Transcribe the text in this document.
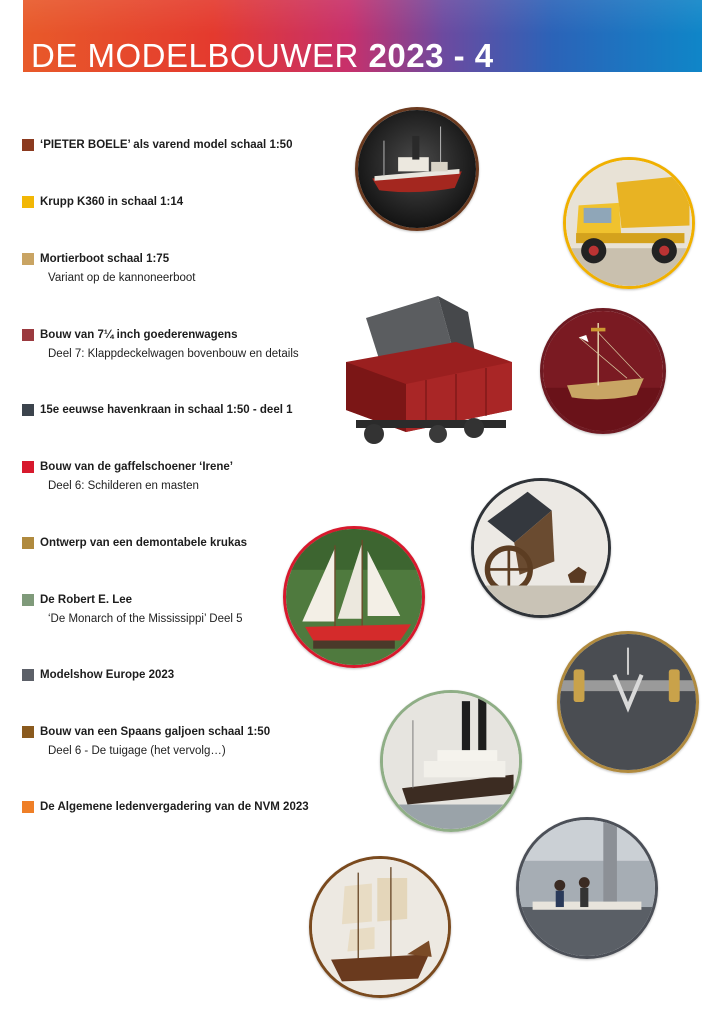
DE MODELBOUWER 2023 - 4
‘PIETER BOELE’ als varend model schaal 1:50
Krupp K360 in schaal 1:14
Mortierboot schaal 1:75
Variant op de kannoneerboot
Bouw van 7¼ inch goederenwagens
Deel 7: Klappdeckelwagen bovenbouw en details
15e eeuwse havenkraan in schaal 1:50 - deel 1
Bouw van de gaffelschoener ‘Irene’
Deel 6: Schilderen en masten
Ontwerp van een demontabele krukas
De Robert E. Lee
‘De Monarch of the Mississippi’ Deel 5
Modelshow Europe 2023
Bouw van een Spaans galjoen schaal 1:50
Deel 6 - De tuigage (het vervolg…)
De Algemene ledenvergadering van de NVM 2023
